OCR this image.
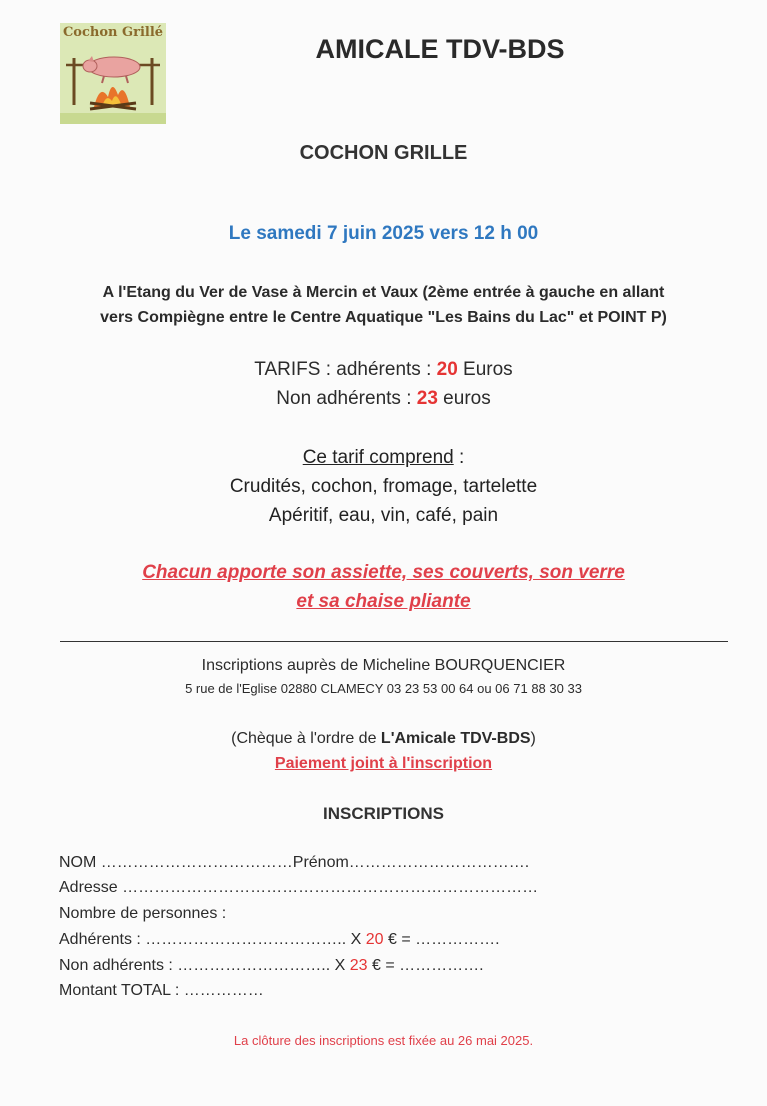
Cochon Grillé
AMICALE TDV-BDS
COCHON GRILLE
Le samedi 7 juin 2025 vers 12 h 00
A l'Etang du Ver de Vase à Mercin et Vaux (2ème entrée à gauche en allant
vers Compiègne entre le Centre Aquatique "Les Bains du Lac" et POINT P)
TARIFS : adhérents : 20 Euros
Non adhérents : 23 euros
Ce tarif comprend :
Crudités, cochon, fromage, tartelette
Apéritif, eau, vin, café, pain
Chacun apporte son assiette, ses couverts, son verre
et sa chaise pliante
Inscriptions auprès de Micheline BOURQUENCIER
5 rue de l'Eglise 02880 CLAMECY 03 23 53 00 64 ou 06 71 88 30 33
(Chèque à l'ordre de L'Amicale TDV-BDS)
Paiement joint à l'inscription
INSCRIPTIONS
NOM ………………………………Prénom…………………………….
Adresse ……………………………………………………………………
Nombre de personnes :
Adhérents : ……………………………….. X 20 € = …………….
Non adhérents : ……………………….. X 23 € = …………….
Montant TOTAL : ……………
La clôture des inscriptions est fixée au 26 mai 2025.
